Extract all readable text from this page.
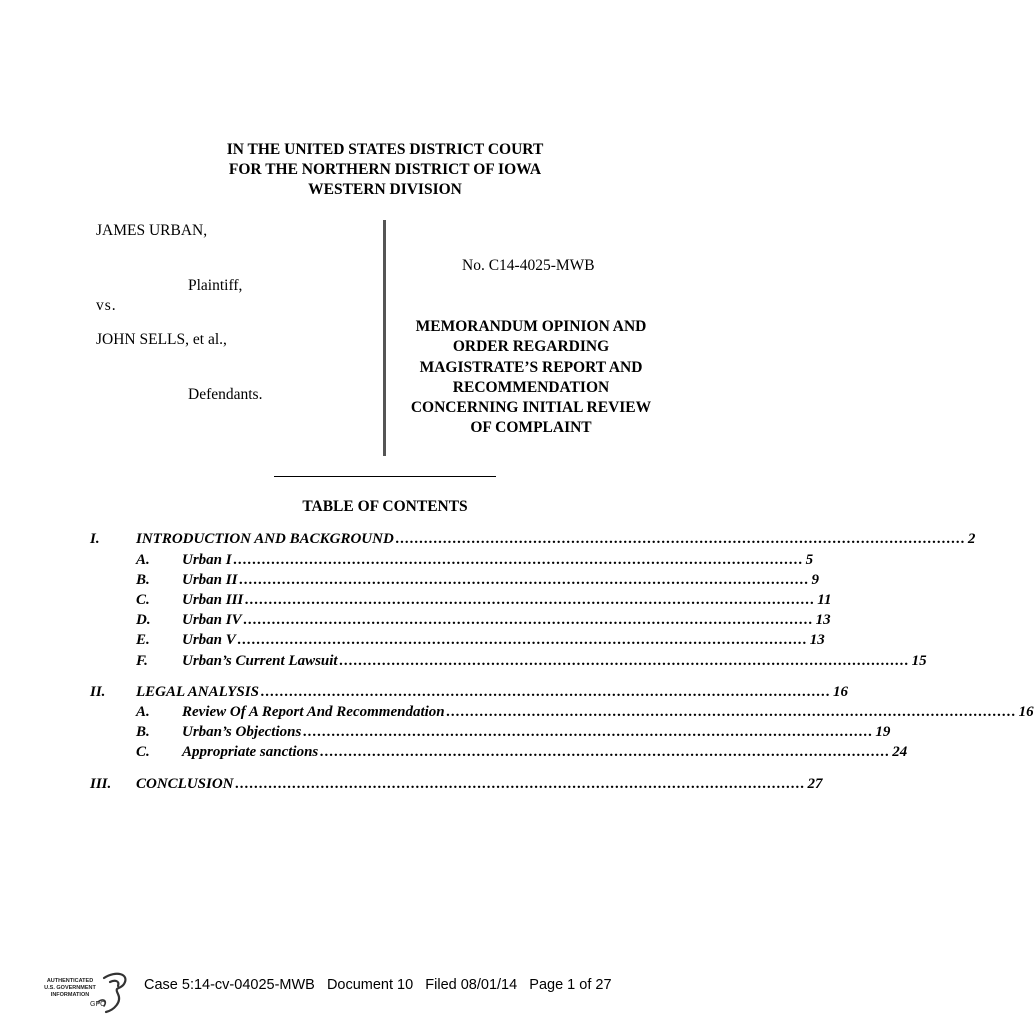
IN THE UNITED STATES DISTRICT COURT
FOR THE NORTHERN DISTRICT OF IOWA
WESTERN DIVISION
JAMES URBAN,
Plaintiff,
vs.
JOHN SELLS, et al.,
Defendants.
No. C14-4025-MWB
MEMORANDUM OPINION AND
ORDER REGARDING
MAGISTRATE’S REPORT AND
RECOMMENDATION
CONCERNING INITIAL REVIEW
OF COMPLAINT
TABLE OF CONTENTS
I. INTRODUCTION AND BACKGROUND ........................................................................................................................ 2
A. Urban I ........................................................................................................................ 5
B. Urban II ........................................................................................................................ 9
C. Urban III ........................................................................................................................ 11
D. Urban IV ........................................................................................................................ 13
E. Urban V ........................................................................................................................ 13
F. Urban’s Current Lawsuit ........................................................................................................................ 15
II. LEGAL ANALYSIS ........................................................................................................................ 16
A. Review Of A Report And Recommendation ........................................................................................................................ 16
B. Urban’s Objections ........................................................................................................................ 19
C. Appropriate sanctions ........................................................................................................................ 24
III. CONCLUSION ........................................................................................................................ 27
AUTHENTICATED
U.S. GOVERNMENT
INFORMATION
GPO
Case 5:14-cv-04025-MWB Document 10 Filed 08/01/14 Page 1 of 27
